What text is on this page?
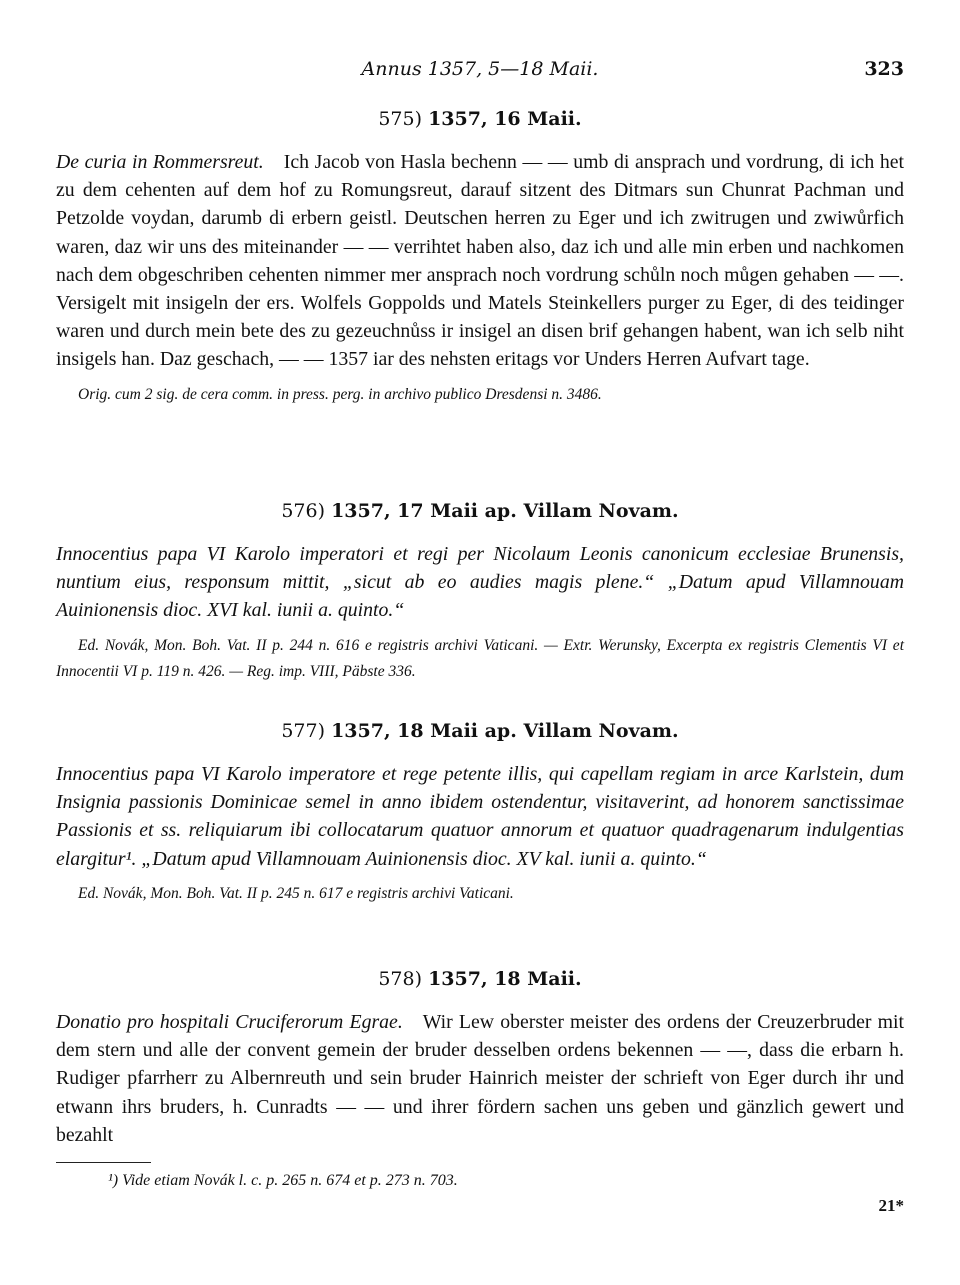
Annus 1357, 5—18 Maii.	323
575) 1357, 16 Maii.

De curia in Rommersreut. Ich Jacob von Hasla bechenn — — umb di ansprach und vordrung, di ich het zu dem cehenten auf dem hof zu Romungsreut, darauf sitzent des Ditmars sun Chunrat Pachman und Petzolde voydan, darumb di erbern geistl. Deutschen herren zu Eger und ich zwitrugen und zwiwůrfich waren, daz wir uns des miteinander — — verrihtet haben also, daz ich und alle min erben und nachkomen nach dem obgeschriben cehenten nimmer mer ansprach noch vordrung schůln noch můgen gehaben — —. Versigelt mit insigeln der ers. Wolfels Goppolds und Matels Steinkellers purger zu Eger, di des teidinger waren und durch mein bete des zu gezeuchnůss ir insigel an disen brif gehangen habent, wan ich selb niht insigels han. Daz geschach, — — 1357 iar des nehsten eritags vor Unders Herren Aufvart tage.

Orig. cum 2 sig. de cera comm. in press. perg. in archivo publico Dresdensi n. 3486.
576) 1357, 17 Maii ap. Villam Novam.

Innocentius papa VI Karolo imperatori et regi per Nicolaum Leonis canonicum ecclesiae Brunensis, nuntium eius, responsum mittit, „sicut ab eo audies magis plene.“ „Datum apud Villamnouam Auinionensis dioc. XVI kal. iunii a. quinto.“

Ed. Novák, Mon. Boh. Vat. II p. 244 n. 616 e registris archivi Vaticani. — Extr. Werunsky, Excerpta ex registris Clementis VI et Innocentii VI p. 119 n. 426. — Reg. imp. VIII, Päbste 336.
577) 1357, 18 Maii ap. Villam Novam.

Innocentius papa VI Karolo imperatore et rege petente illis, qui capellam regiam in arce Karlstein, dum Insignia passionis Dominicae semel in anno ibidem ostendentur, visitaverint, ad honorem sanctissimae Passionis et ss. reliquiarum ibi collocatarum quatuor annorum et quatuor quadragenarum indulgentias elargitur¹. „Datum apud Villamnouam Auinionensis dioc. XV kal. iunii a. quinto.“

Ed. Novák, Mon. Boh. Vat. II p. 245 n. 617 e registris archivi Vaticani.
578) 1357, 18 Maii.

Donatio pro hospitali Cruciferorum Egrae. Wir Lew oberster meister des ordens der Creuzerbruder mit dem stern und alle der convent gemein der bruder desselben ordens bekennen — —, dass die erbarn h. Rudiger pfarrherr zu Albernreuth und sein bruder Hainrich meister der schrieft von Eger durch ihr und etwann ihrs bruders, h. Cunradts — — und ihrer fördern sachen uns geben und gänzlich gewert und bezahlt

¹) Vide etiam Novák l. c. p. 265 n. 674 et p. 273 n. 703.
21*
